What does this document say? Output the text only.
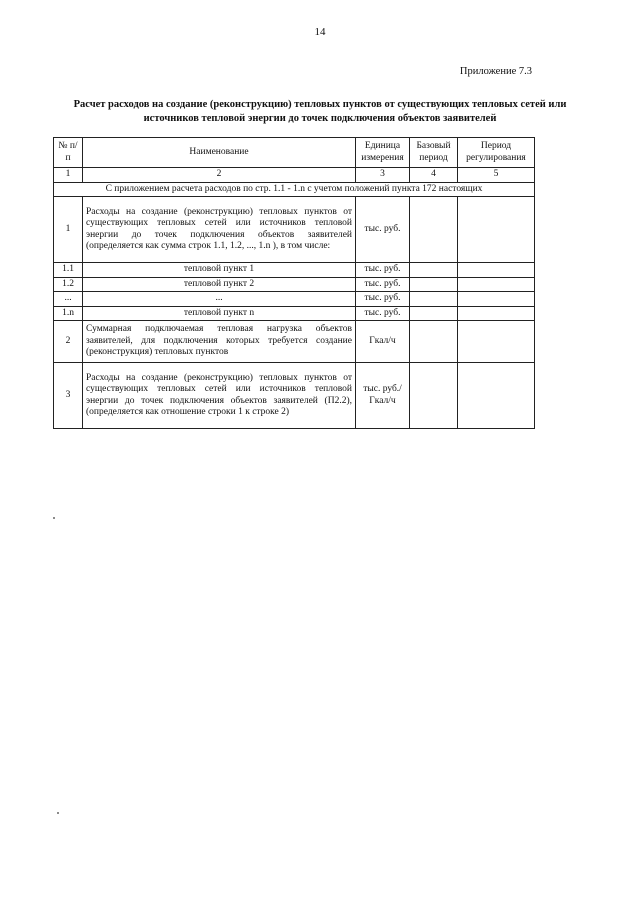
14
Приложение 7.3
Расчет расходов на создание (реконструкцию) тепловых пунктов от существующих тепловых сетей или
источников тепловой энергии до точек подключения объектов заявителей
№ п/п	Наименование	Единица измерения	Базовый период	Период регулирования
1	2	3	4	5
С приложением расчета расходов по стр. 1.1 - 1.n с учетом положений пункта 172 настоящих				
1	Расходы на создание (реконструкцию) тепловых пунктов от существующих тепловых сетей или источников тепловой энергии до точек подключения объектов заявителей (определяется как сумма строк 1.1, 1.2, ..., 1.n ), в том числе:	тыс. руб.		
1.1	тепловой пункт 1	тыс. руб.		
1.2	тепловой пункт 2	тыс. руб.		
...	...	тыс. руб.		
1.n	тепловой пункт n	тыс. руб.		
2	Суммарная подключаемая тепловая нагрузка объектов заявителей, для подключения которых требуется создание (реконструкция) тепловых пунктов	Гкал/ч		
3	Расходы на создание (реконструкцию) тепловых пунктов от существующих тепловых сетей или источников тепловой энергии до точек подключения объектов заявителей (П2.2), (определяется как отношение строки 1 к строке 2)	тыс. руб./ Гкал/ч		
